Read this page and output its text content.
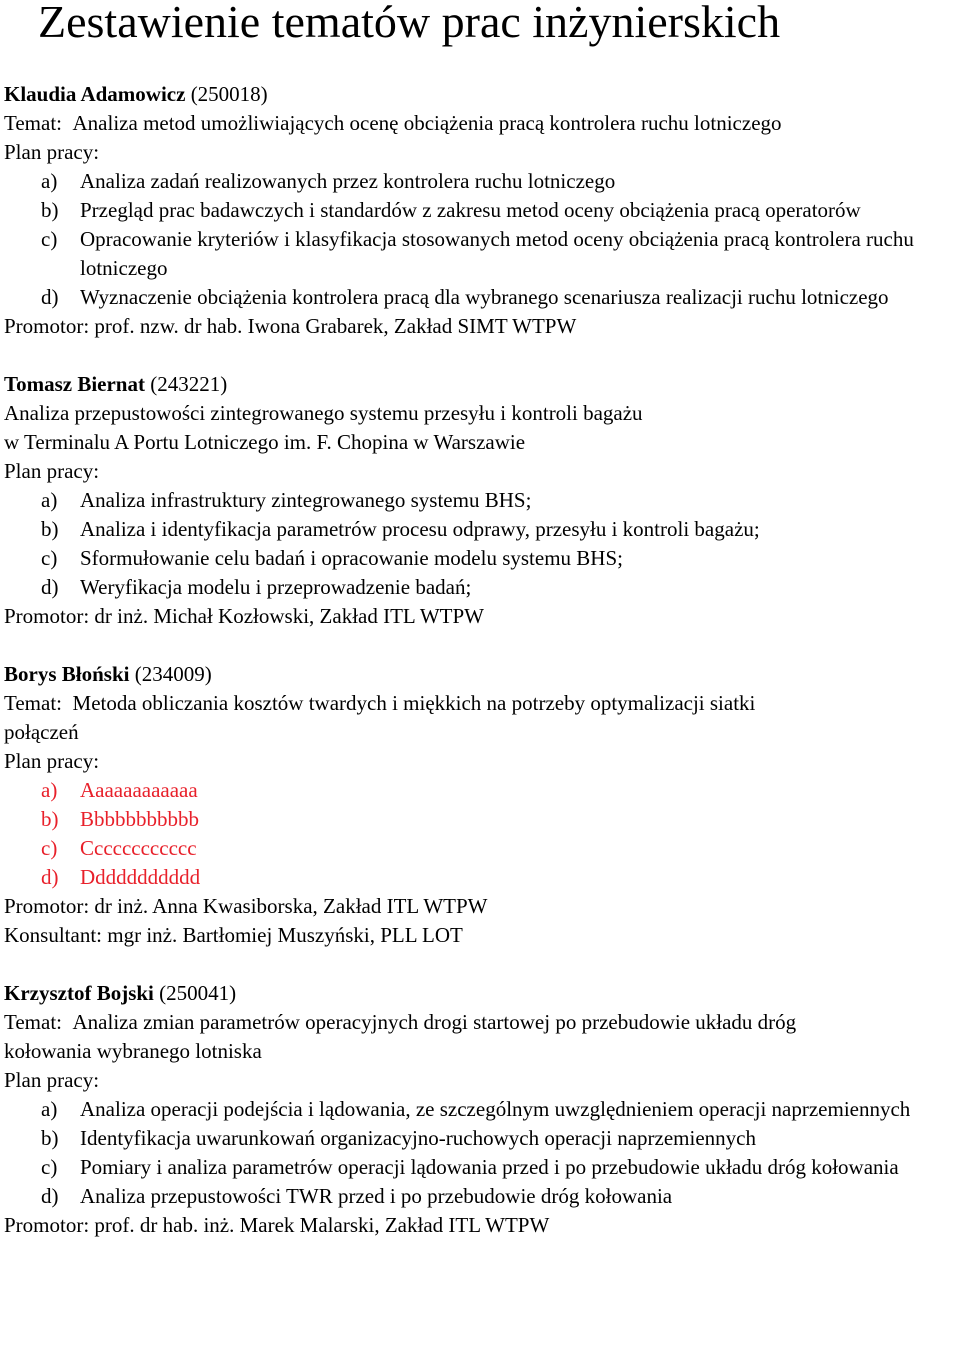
Zestawienie tematów prac inżynierskich
Klaudia Adamowicz (250018)
Temat: Analiza metod umożliwiających ocenę obciążenia pracą kontrolera ruchu lotniczego
Plan pracy:
a) Analiza zadań realizowanych przez kontrolera ruchu lotniczego
b) Przegląd prac badawczych i standardów z zakresu metod oceny obciążenia pracą operatorów
c) Opracowanie kryteriów i klasyfikacja stosowanych metod oceny obciążenia pracą kontrolera ruchu lotniczego
d) Wyznaczenie obciążenia kontrolera pracą dla wybranego scenariusza realizacji ruchu lotniczego
Promotor: prof. nzw. dr hab. Iwona Grabarek, Zakład SIMT WTPW
Tomasz Biernat (243221)
Analiza przepustowości zintegrowanego systemu przesyłu i kontroli bagażu
w Terminalu A Portu Lotniczego im. F. Chopina w Warszawie
Plan pracy:
a) Analiza infrastruktury zintegrowanego systemu BHS;
b) Analiza i identyfikacja parametrów procesu odprawy, przesyłu i kontroli bagażu;
c) Sformułowanie celu badań i opracowanie modelu systemu BHS;
d) Weryfikacja modelu i przeprowadzenie badań;
Promotor: dr inż. Michał Kozłowski, Zakład ITL WTPW
Borys Błoński (234009)
Temat: Metoda obliczania kosztów twardych i miękkich na potrzeby optymalizacji siatki
połączeń
Plan pracy:
a) Aaaaaaaaaaaa
b) Bbbbbbbbbbb
c) Cccccccccccc
d) Ddddddddddd
Promotor: dr inż. Anna Kwasiborska, Zakład ITL WTPW
Konsultant: mgr inż. Bartłomiej Muszyński, PLL LOT
Krzysztof Bojski (250041)
Temat: Analiza zmian parametrów operacyjnych drogi startowej po przebudowie układu dróg
kołowania wybranego lotniska
Plan pracy:
a) Analiza operacji podejścia i lądowania, ze szczególnym uwzględnieniem operacji naprzemiennych
b) Identyfikacja uwarunkowań organizacyjno-ruchowych operacji naprzemiennych
c) Pomiary i analiza parametrów operacji lądowania przed i po przebudowie układu dróg kołowania
d) Analiza przepustowości TWR przed i po przebudowie dróg kołowania
Promotor: prof. dr hab. inż. Marek Malarski, Zakład ITL WTPW
